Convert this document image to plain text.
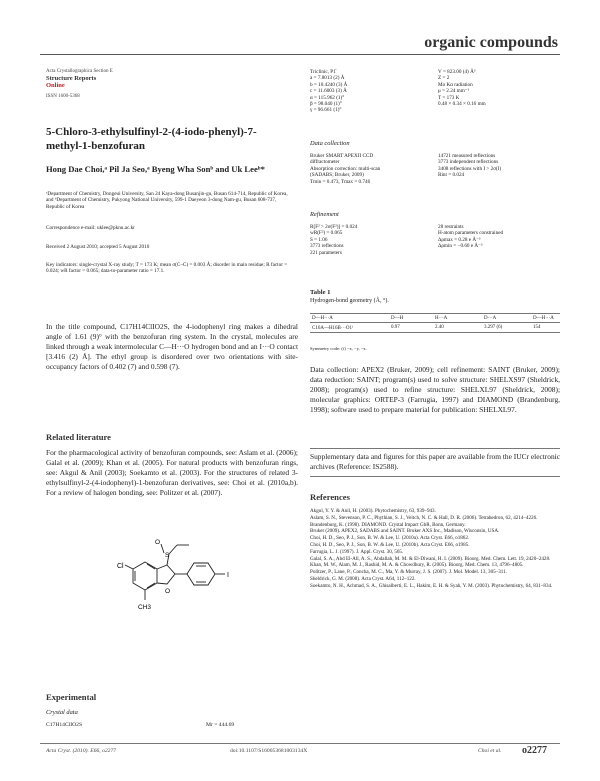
organic compounds
Acta Crystallographica Section E
Structure Reports
Online
ISSN 1600-5368
5-Chloro-3-ethylsulfinyl-2-(4-iodo-phenyl)-7-methyl-1-benzofuran
Hong Dae Choi,ᵃ Pil Ja Seo,ᵃ Byeng Wha Sonᵇ and Uk Leeᵇ*
ᵃDepartment of Chemistry, Dongeui University, San 24 Kaya-dong Busanjin-gu, Busan 614-714, Republic of Korea, and ᵇDepartment of Chemistry, Pukyong National University, 599-1 Daeyeon 3-dong Nam-gu, Busan 608-737, Republic of Korea
Correspondence e-mail: uklee@pknu.ac.kr
Received 2 August 2010; accepted 5 August 2010
Key indicators: single-crystal X-ray study; T = 173 K; mean σ(C–C) = 0.003 Å; disorder in main residue; R factor = 0.024; wR factor = 0.065; data-to-parameter ratio = 17.1.
In the title compound, C17H14ClIO2S, the 4-iodophenyl ring makes a dihedral angle of 1.61 (9)° with the benzofuran ring system. In the crystal, molecules are linked through a weak intermolecular C—H···O hydrogen bond and an I···O contact [3.416 (2) Å]. The ethyl group is disordered over two orientations with site-occupancy factors of 0.402 (7) and 0.598 (7).
Related literature
For the pharmacological activity of benzofuran compounds, see: Aslam et al. (2006); Galal et al. (2009); Khan et al. (2005). For natural products with benzofuran rings, see: Akgul & Anil (2003); Soekamto et al. (2003). For the structures of related 3-ethylsulfinyl-2-(4-iodophenyl)-1-benzofuran derivatives, see: Choi et al. (2010a,b). For a review of halogen bonding, see: Politzer et al. (2007).
Cl
I
CH3
O
S
O
Experimental
Crystal data
C17H14ClIO2S	Mr = 444.69
Triclinic, P1̄
a = 7.8013 (2) Å
b = 10.4240 (3) Å
c = 11.6003 (3) Å
α = 115.962 (1)°
β = 98.040 (1)°
γ = 96.661 (1)°
V = 823.00 (4) Å³
Z = 2
Mo Kα radiation
μ = 2.24 mm⁻¹
T = 173 K
0.48 × 0.34 × 0.16 mm
Data collection
Bruker SMART APEXII CCD
diffractometer
Absorption correction: multi-scan
(SADABS; Bruker, 2009)
Tmin = 0.473, Tmax = 0.746
14721 measured reflections
3773 independent reflections
3408 reflections with I > 2σ(I)
Rint = 0.024
Refinement
R[F² > 2σ(F²)] = 0.024
wR(F²) = 0.065
S = 1.06
3773 reflections
221 parameters
28 restraints
H-atom parameters constrained
Δρmax = 0.28 e Å⁻³
Δρmin = −0.60 e Å⁻³
Table 1
Hydrogen-bond geometry (Å, °).
D—H···A	D—H	H···A	D···A	D—H···A
C16A—H16B···O1ⁱ	0.97	2.40	3.297 (6)	154
Symmetry code: (i) −x, −y, −z.
Data collection: APEX2 (Bruker, 2009); cell refinement: SAINT (Bruker, 2009); data reduction: SAINT; program(s) used to solve structure: SHELXS97 (Sheldrick, 2008); program(s) used to refine structure: SHELXL97 (Sheldrick, 2008); molecular graphics: ORTEP-3 (Farrugia, 1997) and DIAMOND (Brandenburg, 1998); software used to prepare material for publication: SHELXL97.
Supplementary data and figures for this paper are available from the IUCr electronic archives (Reference: IS2588).
References
Akgul, Y. Y. & Anil, H. (2003). Phytochemistry, 63, 939–943.
Aslam, S. N., Stevenson, P. C., Phythian, S. J., Veitch, N. C. & Hall, D. R. (2006). Tetrahedron, 62, 4214–4226.
Brandenburg, K. (1998). DIAMOND. Crystal Impact GbR, Bonn, Germany.
Bruker (2009). APEX2, SADABS and SAINT. Bruker AXS Inc., Madison, Wisconsin, USA.
Choi, H. D., Seo, P. J., Son, B. W. & Lee, U. (2010a). Acta Cryst. E66, o1862.
Choi, H. D., Seo, P. J., Son, B. W. & Lee, U. (2010b). Acta Cryst. E66, o1985.
Farrugia, L. J. (1997). J. Appl. Cryst. 30, 565.
Galal, S. A., Abd El-All, A. S., Abdallah, M. M. & El-Diwani, H. I. (2009). Bioorg. Med. Chem. Lett. 19, 2420–2428.
Khan, M. W., Alam, M. J., Rashid, M. A. & Chowdhury, R. (2005). Bioorg. Med. Chem. 13, 4796–4805.
Politzer, P., Lane, P., Concha, M. C., Ma, Y. & Murray, J. S. (2007). J. Mol. Model. 13, 305–311.
Sheldrick, G. M. (2008). Acta Cryst. A64, 112–122.
Soekamto, N. H., Achmad, S. A., Ghisalberti, E. L., Hakim, E. H. & Syah, Y. M. (2003). Phytochemistry, 64, 831–834.
Acta Cryst. (2010). E66, o2277	doi:10.1107/S160053681003134X	Choi et al. o2277
